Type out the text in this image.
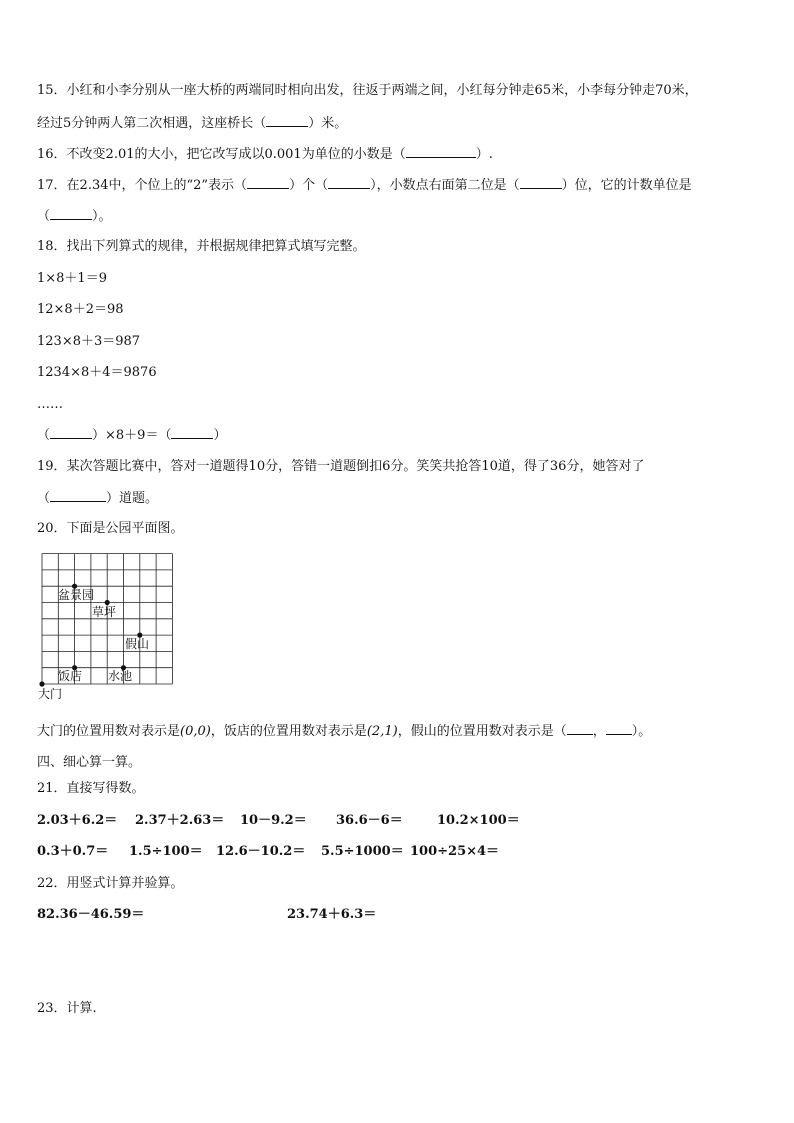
15．小红和小李分别从一座大桥的两端同时相向出发，往返于两端之间，小红每分钟走65米，小李每分钟走70米，
经过5分钟两人第二次相遇，这座桥长（	）米。
16．不改变2.01的大小，把它改写成以0.001为单位的小数是（	）.
17．在2.34中，个位上的“2”表示（	）个（	），小数点右面第二位是（	）位，它的计数单位是
（	）。
18．找出下列算式的规律，并根据规律把算式填写完整。
1×8＋1＝9
12×8＋2＝98
123×8＋3＝987
1234×8＋4＝9876
……
（	）×8＋9＝（	）
19．某次答题比赛中，答对一道题得10分，答错一道题倒扣6分。笑笑共抢答10道，得了36分，她答对了
（	）道题。
20．下面是公园平面图。
盆景园
草坪
假山
饭店 水池
大门
大门的位置用数对表示是(0,0)，饭店的位置用数对表示是(2,1)，假山的位置用数对表示是（ ， ）。
四、细心算一算。
21．直接写得数。
2.03＋6.2＝ 2.37＋2.63＝ 10－9.2＝ 36.6－6＝	10.2×100＝
0.3＋0.7＝ 1.5÷100＝ 12.6－10.2＝ 5.5÷1000＝ 100÷25×4＝
22．用竖式计算并验算。
82.36－46.59＝	23.74＋6.3＝
23．计算.
